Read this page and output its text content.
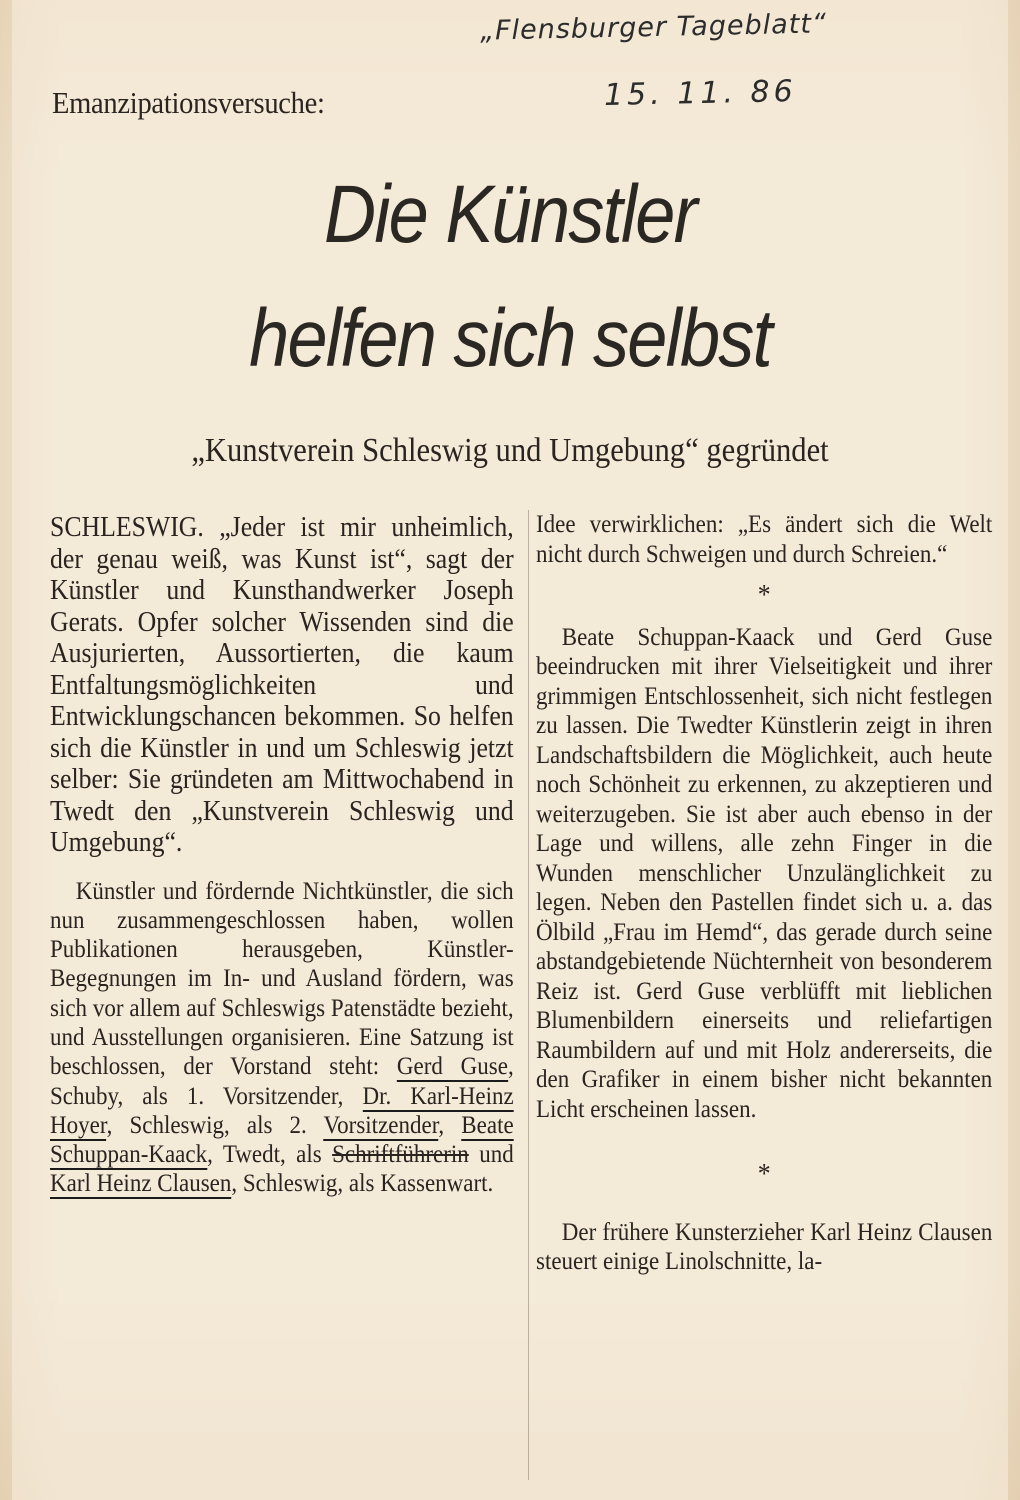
„Flensburger Tageblatt“
15. 11. 86
Emanzipationsversuche:
Die Künstler
helfen sich selbst
„Kunstverein Schleswig und Umgebung“ gegründet

SCHLESWIG. „Jeder ist mir unheimlich, der genau weiß, was Kunst ist“, sagt der Künstler und Kunsthandwerker Joseph Gerats. Opfer solcher Wissenden sind die Ausjurierten, Aussortierten, die kaum Entfaltungsmöglichkeiten und Entwicklungschancen bekommen. So helfen sich die Künstler in und um Schleswig jetzt selber: Sie gründeten am Mittwochabend in Twedt den „Kunstverein Schleswig und Umgebung“.

Künstler und fördernde Nichtkünstler, die sich nun zusammengeschlossen haben, wollen Publikationen herausgeben, Künstler-Begegnungen im In- und Ausland fördern, was sich vor allem auf Schleswigs Patenstädte bezieht, und Ausstellungen organisieren. Eine Satzung ist beschlossen, der Vorstand steht: Gerd Guse, Schuby, als 1. Vorsitzender, Dr. Karl-Heinz Hoyer, Schleswig, als 2. Vorsitzender, Beate Schuppan-Kaack, Twedt, als Schriftführerin und Karl Heinz Clausen, Schleswig, als Kassenwart.

Idee verwirklichen: „Es ändert sich die Welt nicht durch Schweigen und durch Schreien.“

*

Beate Schuppan-Kaack und Gerd Guse beeindrucken mit ihrer Vielseitigkeit und ihrer grimmigen Entschlossenheit, sich nicht festlegen zu lassen. Die Twedter Künstlerin zeigt in ihren Landschaftsbildern die Möglichkeit, auch heute noch Schönheit zu erkennen, zu akzeptieren und weiterzugeben. Sie ist aber auch ebenso in der Lage und willens, alle zehn Finger in die Wunden menschlicher Unzulänglichkeit zu legen. Neben den Pastellen findet sich u. a. das Ölbild „Frau im Hemd“, das gerade durch seine abstandgebietende Nüchternheit von besonderem Reiz ist. Gerd Guse verblüfft mit lieblichen Blumenbildern einerseits und reliefartigen Raumbildern auf und mit Holz andererseits, die den Grafiker in einem bisher nicht bekannten Licht erscheinen lassen.

*

Der frühere Kunsterzieher Karl Heinz Clausen steuert einige Linolschnitte, la-
